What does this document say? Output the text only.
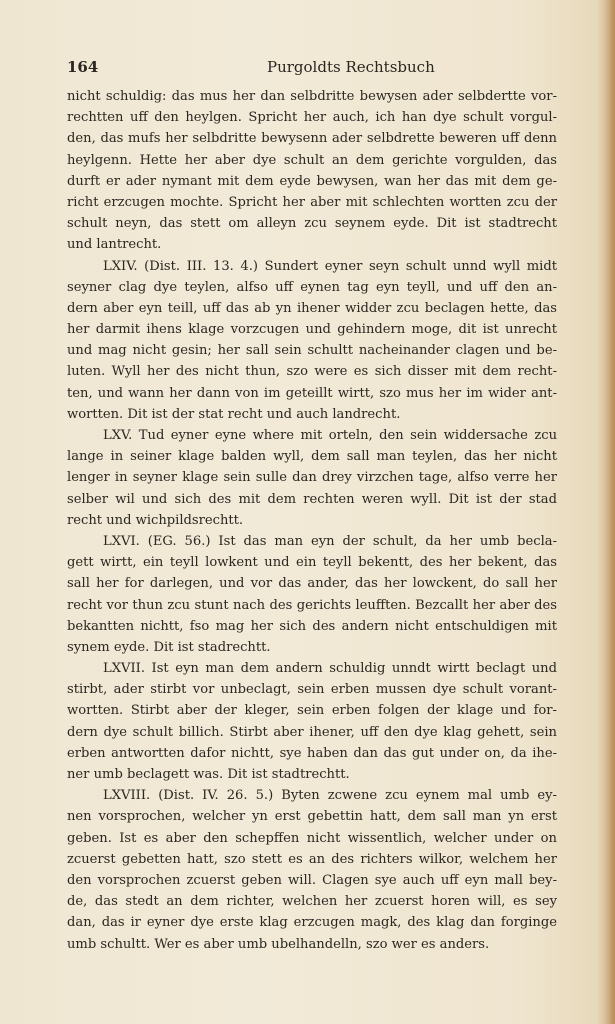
164	Purgoldts Rechtsbuch
nicht schuldig: das mus her dan selbdritte bewysen ader selbdertte vor-
rechtten uff den heylgen. Spricht her auch, ich han dye schult vorgul-
den, das mufs her selbdritte bewysenn ader selbdrette beweren uff denn
heylgenn. Hette her aber dye schult an dem gerichte vorgulden, das
durft er ader nymant mit dem eyde bewysen, wan her das mit dem ge-
richt erzcugen mochte. Spricht her aber mit schlechten wortten zcu der
schult neyn, das stett om alleyn zcu seynem eyde. Dit ist stadtrecht
und lantrecht.
LXIV. (Dist. III. 13. 4.) Sundert eyner seyn schult unnd wyll midt
seyner clag dye teylen, alfso uff eynen tag eyn teyll, und uff den an-
dern aber eyn teill, uff das ab yn ihener widder zcu beclagen hette, das
her darmit ihens klage vorzcugen und gehindern moge, dit ist unrecht
und mag nicht gesin; her sall sein schultt nacheinander clagen und be-
luten. Wyll her des nicht thun, szo were es sich disser mit dem recht-
ten, und wann her dann von im geteillt wirtt, szo mus her im wider ant-
wortten. Dit ist der stat recht und auch landrecht.
LXV. Tud eyner eyne where mit orteln, den sein widdersache zcu
lange in seiner klage balden wyll, dem sall man teylen, das her nicht
lenger in seyner klage sein sulle dan drey virzchen tage, alfso verre her
selber wil und sich des mit dem rechten weren wyll. Dit ist der stad
recht und wichpildsrechtt.
LXVI. (EG. 56.) Ist das man eyn der schult, da her umb becla-
gett wirtt, ein teyll lowkent und ein teyll bekentt, des her bekent, das
sall her for darlegen, und vor das ander, das her lowckent, do sall her
recht vor thun zcu stunt nach des gerichts leufften. Bezcallt her aber des
bekantten nichtt, fso mag her sich des andern nicht entschuldigen mit
synem eyde. Dit ist stadrechtt.
LXVII. Ist eyn man dem andern schuldig unndt wirtt beclagt und
stirbt, ader stirbt vor unbeclagt, sein erben mussen dye schult vorant-
wortten. Stirbt aber der kleger, sein erben folgen der klage und for-
dern dye schult billich. Stirbt aber ihener, uff den dye klag gehett, sein
erben antwortten dafor nichtt, sye haben dan das gut under on, da ihe-
ner umb beclagett was. Dit ist stadtrechtt.
LXVIII. (Dist. IV. 26. 5.) Byten zcwene zcu eynem mal umb ey-
nen vorsprochen, welcher yn erst gebettin hatt, dem sall man yn erst
geben. Ist es aber den schepffen nicht wissentlich, welcher under on
zcuerst gebetten hatt, szo stett es an des richters wilkor, welchem her
den vorsprochen zcuerst geben will. Clagen sye auch uff eyn mall bey-
de, das stedt an dem richter, welchen her zcuerst horen will, es sey
dan, das ir eyner dye erste klag erzcugen magk, des klag dan forginge
umb schultt. Wer es aber umb ubelhandelln, szo wer es anders.
